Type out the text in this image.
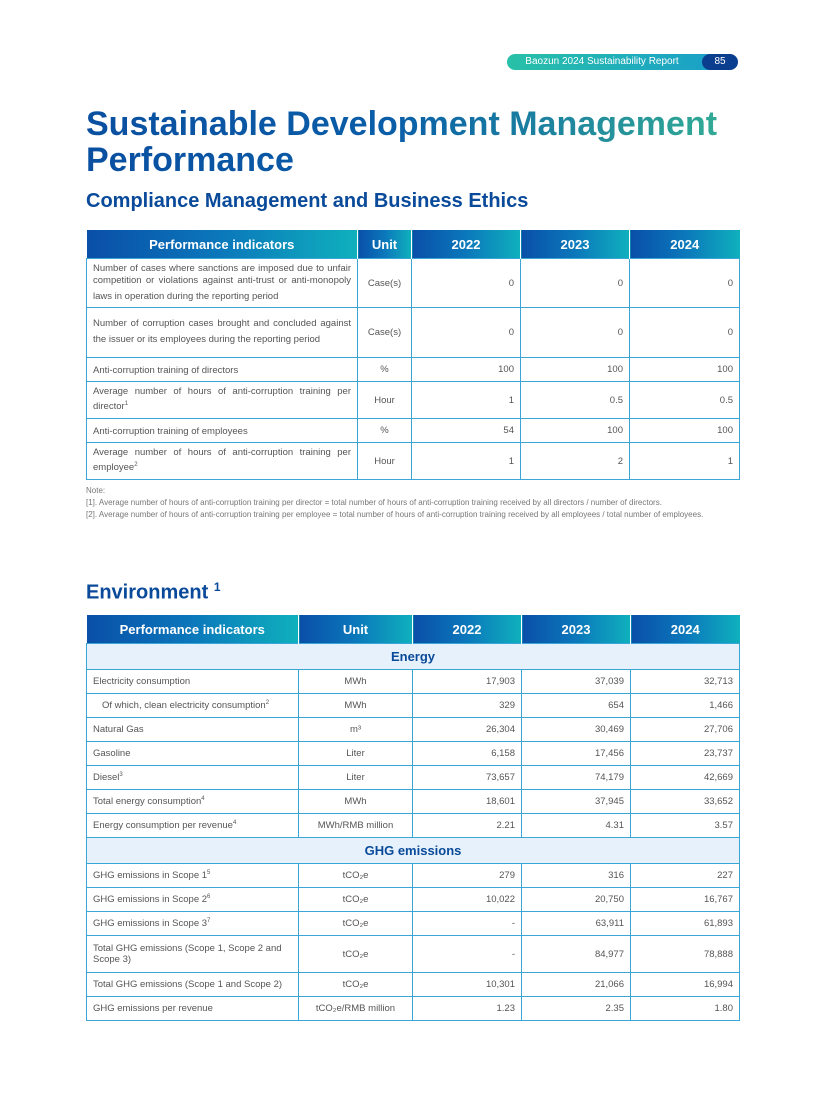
Baozun 2024 Sustainability Report	85
Sustainable Development Management Performance
Compliance Management and Business Ethics
Performance indicators	Unit	2022	2023	2024
Number of cases where sanctions are imposed due to unfair competition or violations against anti-trust or anti-monopoly laws in operation during the reporting period	Case(s)	0	0	0
Number of corruption cases brought and concluded against the issuer or its employees during the reporting period	Case(s)	0	0	0
Anti-corruption training of directors	%	100	100	100
Average number of hours of anti-corruption training per director$^1$	Hour	1	0.5	0.5
Anti-corruption training of employees	%	54	100	100
Average number of hours of anti-corruption training per employee$^2$	Hour	1	2	1

Note:

[1]. Average number of hours of anti-corruption training per director = total number of hours of anti-corruption training received by all directors / number of directors.

[2]. Average number of hours of anti-corruption training per employee = total number of hours of anti-corruption training received by all employees / total number of employees.

Environment $^1$
Performance indicators	Unit	2022	2023	2024
Energy				
Electricity consumption	MWh	17,903	37,039	32,713
Of which, clean electricity consumption$^2$	MWh	329	654	1,466
Natural Gas	m³	26,304	30,469	27,706
Gasoline	Liter	6,158	17,456	23,737
Diesel$^3$	Liter	73,657	74,179	42,669
Total energy consumption$^4$	MWh	18,601	37,945	33,652
Energy consumption per revenue$^4$	MWh/RMB million	2.21	4.31	3.57
GHG emissions				
GHG emissions in Scope $1^5$	tCO₂e	279	316	227
GHG emissions in Scope $2^6$	tCO₂e	10,022	20,750	16,767
GHG emissions in Scope $3^7$	tCO₂e	-	63,911	61,893
Total GHG emissions (Scope 1, Scope 2 and Scope 3)	tCO₂e	-	84,977	78,888
Total GHG emissions (Scope 1 and Scope 2)	tCO₂e	10,301	21,066	16,994
GHG emissions per revenue	tCO₂e/RMB million	1.23	2.35	1.80
